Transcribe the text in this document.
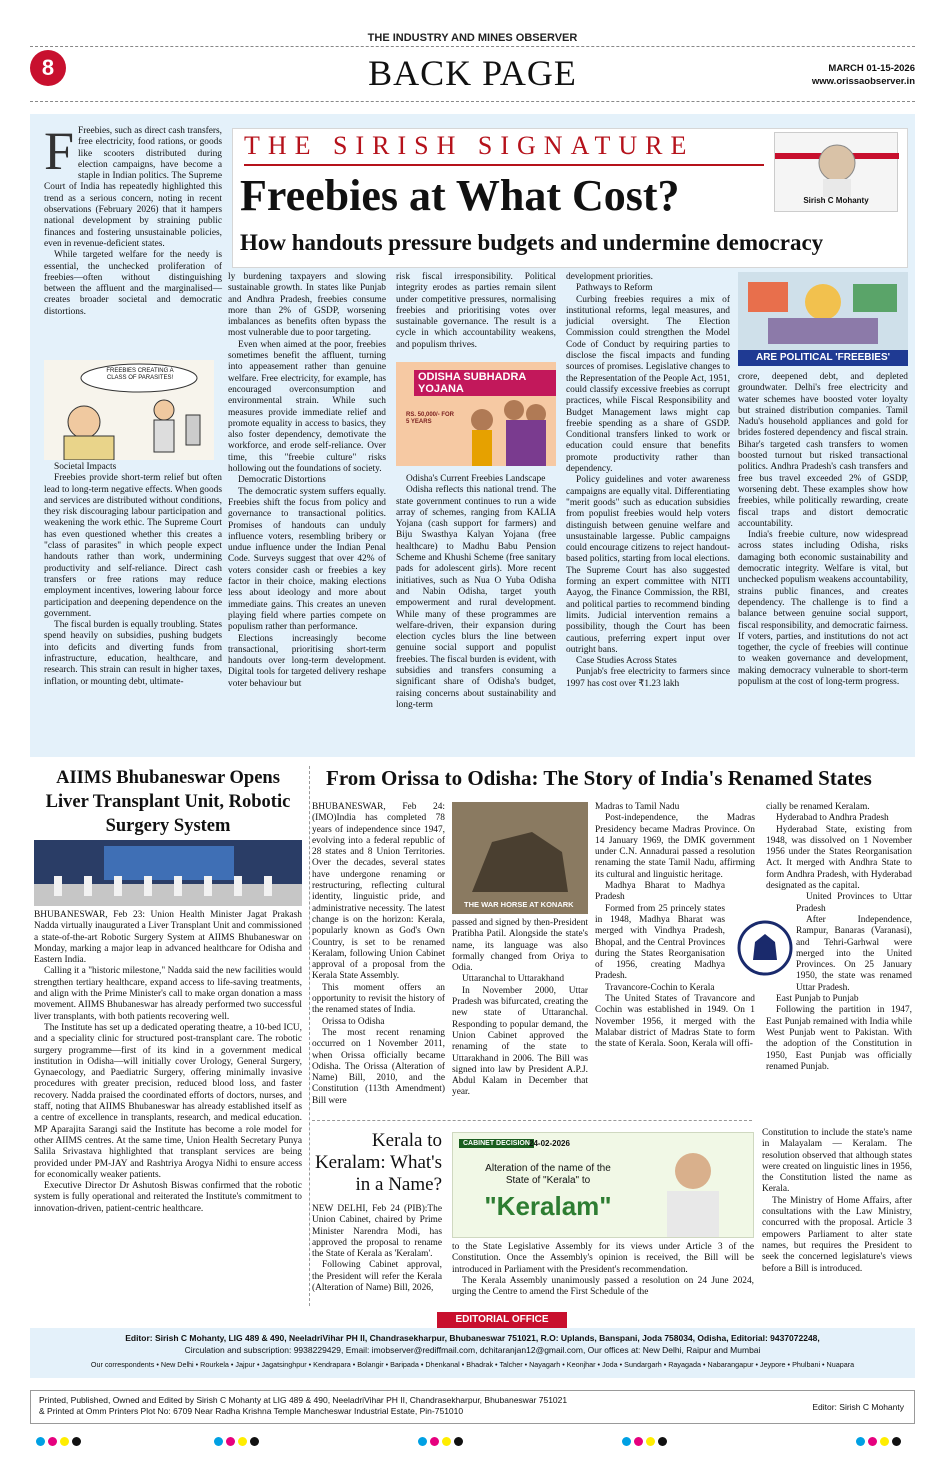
THE INDUSTRY AND MINES OBSERVER
8	BACK PAGE	MARCH 01-15-2026
www.orissaobserver.in
THE SIRISH SIGNATURE
Freebies at What Cost?
How handouts pressure budgets and undermine democracy
Sirish C Mohanty
F Freebies, such as direct cash transfers, free electricity, food rations, or goods like scooters distributed during election campaigns, have become a staple in Indian politics. The Supreme Court of India has repeatedly highlighted this trend as a serious concern, noting in recent observations (February 2026) that it hampers national development by straining public finances and fostering unsustainable policies, even in revenue-deficient states.

While targeted welfare for the needy is essential, the unchecked proliferation of freebies—often without distinguishing between the affluent and the marginalised—creates broader societal and democratic distortions.

FREEBIES CREATING A CLASS OF PARASITES!

Societal Impacts

Freebies provide short-term relief but often lead to long-term negative effects. When goods and services are distributed without conditions, they risk discouraging labour participation and weakening the work ethic. The Supreme Court has even questioned whether this creates a "class of parasites" in which people expect handouts rather than work, undermining productivity and self-reliance. Direct cash transfers or free rations may reduce employment incentives, lowering labour force participation and deepening dependence on the government.

The fiscal burden is equally troubling. States spend heavily on subsidies, pushing budgets into deficits and diverting funds from infrastructure, education, healthcare, and research. This strain can result in higher taxes, inflation, or mounting debt, ultimate-

ly burdening taxpayers and slowing sustainable growth. In states like Punjab and Andhra Pradesh, freebies consume more than 2% of GSDP, worsening imbalances as benefits often bypass the most vulnerable due to poor targeting.

Even when aimed at the poor, freebies sometimes benefit the affluent, turning into appeasement rather than genuine welfare. Free electricity, for example, has encouraged overconsumption and environmental strain. While such measures provide immediate relief and promote equality in access to basics, they also foster dependency, demotivate the workforce, and erode self-reliance. Over time, this "freebie culture" risks hollowing out the foundations of society.

Democratic Distortions

The democratic system suffers equally. Freebies shift the focus from policy and governance to transactional politics. Promises of handouts can unduly influence voters, resembling bribery or undue influence under the Indian Penal Code. Surveys suggest that over 42% of voters consider cash or freebies a key factor in their choice, making elections less about ideology and more about immediate gains. This creates an uneven playing field where parties compete on populism rather than performance.

Elections increasingly become transactional, prioritising short-term handouts over long-term development. Digital tools for targeted delivery reshape voter behaviour but

risk fiscal irresponsibility. Political integrity erodes as parties remain silent under competitive pressures, normalising freebies and prioritising votes over sustainable governance. The result is a cycle in which accountability weakens, and populism thrives.
ODISHA SUBHADRA YOJANA
RS. 50,000/- FOR 5 YEARS

Odisha's Current Freebies Landscape

Odisha reflects this national trend. The state government continues to run a wide array of schemes, ranging from KALIA Yojana (cash support for farmers) and Biju Swasthya Kalyan Yojana (free healthcare) to Madhu Babu Pension Scheme and Khushi Scheme (free sanitary pads for adolescent girls). More recent initiatives, such as Nua O Yuba Odisha and Nabin Odisha, target youth empowerment and rural development. While many of these programmes are welfare-driven, their expansion during election cycles blurs the line between genuine social support and populist freebies. The fiscal burden is evident, with subsidies and transfers consuming a significant share of Odisha's budget, raising concerns about sustainability and long-term

development priorities.

Pathways to Reform

Curbing freebies requires a mix of institutional reforms, legal measures, and judicial oversight. The Election Commission could strengthen the Model Code of Conduct by requiring parties to disclose the fiscal impacts and funding sources of promises. Legislative changes to the Representation of the People Act, 1951, could classify excessive freebies as corrupt practices, while Fiscal Responsibility and Budget Management laws might cap freebie spending as a share of GSDP. Conditional transfers linked to work or education could ensure that benefits promote productivity rather than dependency.

Policy guidelines and voter awareness campaigns are equally vital. Differentiating "merit goods" such as education subsidies from populist freebies would help voters distinguish between genuine welfare and unsustainable largesse. Public campaigns could encourage citizens to reject handout-based politics, starting from local elections. The Supreme Court has also suggested forming an expert committee with NITI Aayog, the Finance Commission, the RBI, and political parties to recommend binding limits. Judicial intervention remains a possibility, though the Court has been cautious, preferring expert input over outright bans.

Case Studies Across States

Punjab's free electricity to farmers since 1997 has cost over ₹1.23 lakh

ARE POLITICAL 'FREEBIES'
crore, deepened debt, and depleted groundwater. Delhi's free electricity and water schemes have boosted voter loyalty but strained distribution companies. Tamil Nadu's household appliances and gold for brides fostered dependency and fiscal strain. Bihar's targeted cash transfers to women boosted turnout but risked transactional politics. Andhra Pradesh's cash transfers and free bus travel exceeded 2% of GSDP, worsening debt. These examples show how freebies, while politically rewarding, create fiscal traps and distort democratic accountability.

India's freebie culture, now widespread across states including Odisha, risks damaging both economic sustainability and democratic integrity. Welfare is vital, but unchecked populism weakens accountability, strains public finances, and creates dependency. The challenge is to find a balance between genuine social support, fiscal responsibility, and democratic fairness. If voters, parties, and institutions do not act together, the cycle of freebies will continue to weaken governance and development, making democracy vulnerable to short-term populism at the cost of long-term progress.

AIIMS Bhubaneswar Opens Liver Transplant Unit, Robotic Surgery System
BHUBANESWAR, Feb 23: Union Health Minister Jagat Prakash Nadda virtually inaugurated a Liver Transplant Unit and commissioned a state-of-the-art Robotic Surgery System at AIIMS Bhubaneswar on Monday, marking a major leap in advanced healthcare for Odisha and Eastern India.

Calling it a "historic milestone," Nadda said the new facilities would strengthen tertiary healthcare, expand access to life-saving treatments, and align with the Prime Minister's call to make organ donation a mass movement. AIIMS Bhubaneswar has already performed two successful liver transplants, with both patients recovering well.

The Institute has set up a dedicated operating theatre, a 10-bed ICU, and a speciality clinic for structured post-transplant care. The robotic surgery programme—first of its kind in a government medical institution in Odisha—will initially cover Urology, General Surgery, Gynaecology, and Paediatric Surgery, offering minimally invasive procedures with greater precision, reduced blood loss, and faster recovery. Nadda praised the coordinated efforts of doctors, nurses, and staff, noting that AIIMS Bhubaneswar has already established itself as a centre of excellence in transplants, research, and medical education. MP Aparajita Sarangi said the Institute has become a role model for other AIIMS centres. At the same time, Union Health Secretary Punya Salila Srivastava highlighted that transplant services are being provided under PM-JAY and Rashtriya Arogya Nidhi to ensure access for economically weaker patients.

Executive Director Dr Ashutosh Biswas confirmed that the robotic system is fully operational and reiterated the Institute's commitment to innovation-driven, patient-centric healthcare.

From Orissa to Odisha: The Story of India's Renamed States
BHUBANESWAR, Feb 24: (IMO)India has completed 78 years of independence since 1947, evolving into a federal republic of 28 states and 8 Union Territories. Over the decades, several states have undergone renaming or restructuring, reflecting cultural identity, linguistic pride, and administrative necessity. The latest change is on the horizon: Kerala, popularly known as God's Own Country, is set to be renamed Keralam, following Union Cabinet approval of a proposal from the Kerala State Assembly.

This moment offers an opportunity to revisit the history of the renamed states of India.

Orissa to Odisha

The most recent renaming occurred on 1 November 2011, when Orissa officially became Odisha. The Orissa (Alteration of Name) Bill, 2010, and the Constitution (113th Amendment) Bill were

THE WAR HORSE AT KONARK
passed and signed by then-President Pratibha Patil. Alongside the state's name, its language was also formally changed from Oriya to Odia.

Uttaranchal to Uttarakhand

In November 2000, Uttar Pradesh was bifurcated, creating the new state of Uttaranchal. Responding to popular demand, the Union Cabinet approved the renaming of the state to Uttarakhand in 2006. The Bill was signed into law by President A.P.J. Abdul Kalam in December that year.

Madras to Tamil Nadu

Post-independence, the Madras Presidency became Madras Province. On 14 January 1969, the DMK government under C.N. Annadurai passed a resolution renaming the state Tamil Nadu, affirming its cultural and linguistic heritage.

Madhya Bharat to Madhya Pradesh

Formed from 25 princely states in 1948, Madhya Bharat was merged with Vindhya Pradesh, Bhopal, and the Central Provinces during the States Reorganisation of 1956, creating Madhya Pradesh.

Travancore-Cochin to Kerala

The United States of Travancore and Cochin was established in 1949. On 1 November 1956, it merged with the Malabar district of Madras State to form the state of Kerala. Soon, Kerala will offi-

cially be renamed Keralam.

Hyderabad to Andhra Pradesh

Hyderabad State, existing from 1948, was dissolved on 1 November 1956 under the States Reorganisation Act. It merged with Andhra State to form Andhra Pradesh, with Hyderabad designated as the capital.

United Provinces to Uttar Pradesh

After Independence, Rampur, Banaras (Varanasi), and Tehri-Garhwal were merged into the United Provinces. On 25 January 1950, the state was renamed Uttar Pradesh.

East Punjab to Punjab

Following the partition in 1947, East Punjab remained with India while West Punjab went to Pakistan. With the adoption of the Constitution in 1950, East Punjab was officially renamed Punjab.

Kerala to Keralam: What's in a Name?
NEW DELHI, Feb 24 (PIB):The Union Cabinet, chaired by Prime Minister Narendra Modi, has approved the proposal to rename the State of Kerala as 'Keralam'.

Following Cabinet approval, the President will refer the Kerala (Alteration of Name) Bill, 2026,

CABINET DECISION 24-02-2026
Alteration of the name of the State of "Kerala" to
"Keralam"
to the State Legislative Assembly for its views under Article 3 of the Constitution. Once the Assembly's opinion is received, the Bill will be introduced in Parliament with the President's recommendation.

The Kerala Assembly unanimously passed a resolution on 24 June 2024, urging the Centre to amend the First Schedule of the

Constitution to include the state's name in Malayalam — Keralam. The resolution observed that although states were created on linguistic lines in 1956, the Constitution listed the name as Kerala.

The Ministry of Home Affairs, after consultations with the Law Ministry, concurred with the proposal. Article 3 empowers Parliament to alter state names, but requires the President to seek the concerned legislature's views before a Bill is introduced.

EDITORIAL OFFICE
Editor: Sirish C Mohanty, LIG 489 & 490, NeeladriVihar PH II, Chandrasekharpur, Bhubaneswar 751021, R.O: Uplands, Banspani, Joda 758034, Odisha, Editorial: 9437072248,
Circulation and subscription: 9938229429, Email: imobserver@rediffmail.com, dchitaranjan12@gmail.com, Our offices at: New Delhi, Raipur and Mumbai
Our correspondents • New Delhi • Rourkela • Jajpur • Jagatsinghpur • Kendrapara • Bolangir • Baripada • Dhenkanal • Bhadrak • Talcher • Nayagarh • Keonjhar • Joda • Sundargarh • Rayagada • Nabarangapur • Jeypore • Phulbani • Nuapara
Printed, Published, Owned and Edited by Sirish C Mohanty at LIG 489 & 490, NeeladriVihar PH II, Chandrasekharpur, Bhubaneswar 751021
& Printed at Omm Printers Plot No: 6709 Near Radha Krishna Temple Mancheswar Industrial Estate, Pin-751010	Editor: Sirish C Mohanty
